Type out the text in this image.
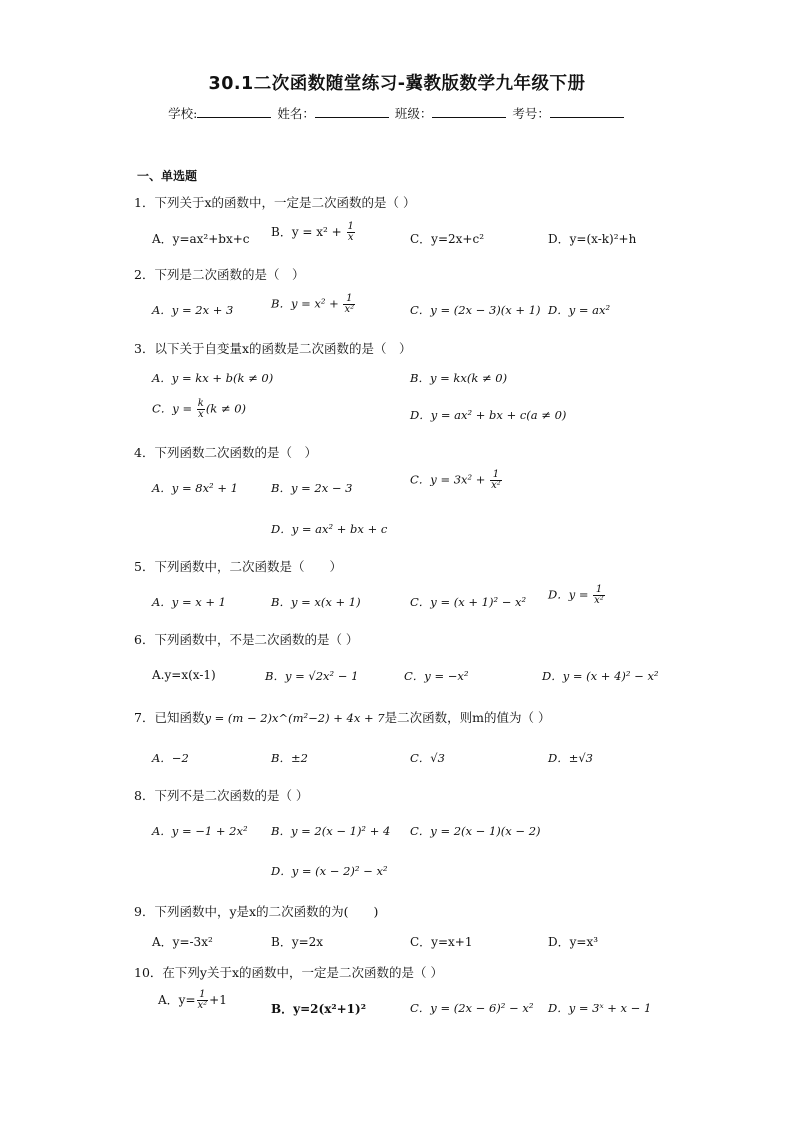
30.1二次函数随堂练习-冀教版数学九年级下册
学校:	姓名：	班级：	考号：
一、单选题
1．下列关于x的函数中，一定是二次函数的是（ ）
A．y=ax²+bx+c B．$y = x^2 + \frac{1}{x}$	C．y=2x+c²	D．y=(x-k)²+h
2．下列是二次函数的是（　）
A．y = 2x + 3	B．$y = x^2 + \frac{1}{\text{x²}}$	C．y = (2x − 3)(x + 1) D．y = ax²
3．以下关于自变量x的函数是二次函数的是（　）
A．y = kx + b(k ≠ 0)	B．y = kx(k ≠ 0)
C．$y = \frac{k}{x} (k \ne 0)$	D．y = ax² + bx + c(a ≠ 0)
4．下列函数二次函数的是（　）
A．y = 8x² + 1	B．y = 2x − 3
C．$y = 3x^2 + \frac{1}{\text{x²}}$
D．y = ax² + bx + c
5．下列函数中，二次函数是（　　）
A．y = x + 1	B．y = x(x + 1)	C．y = (x + 1)² − x²
D．$y = \frac{1}{\text{x²}}$
6．下列函数中，不是二次函数的是（ ）
A.y=x(x-1)	B．y = √2x² − 1	C．y = −x²	D．y = (x + 4)² − x²
7．已知函数y = (m − 2)x^(m²−2) + 4x + 7是二次函数，则m的值为（ ）
A．−2	B．±2	C．√3	D．±√3
8．下列不是二次函数的是（ ）
A．y = −1 + 2x² B．y = 2(x − 1)² + 4 C．y = 2(x − 1)(x − 2)
D．y = (x − 2)² − x²
9．下列函数中，y是x的二次函数的为(　　)
A．y=-3x²	B．y=2x	C．y=x+1	D．y=x³
10．在下列y关于x的函数中，一定是二次函数的是（ ）
A．$y= \frac{1}{\text{x²}} +1$
B．y=2(x²+1)²	C．y = (2x − 6)² − x² D．y = 3ˣ + x − 1
